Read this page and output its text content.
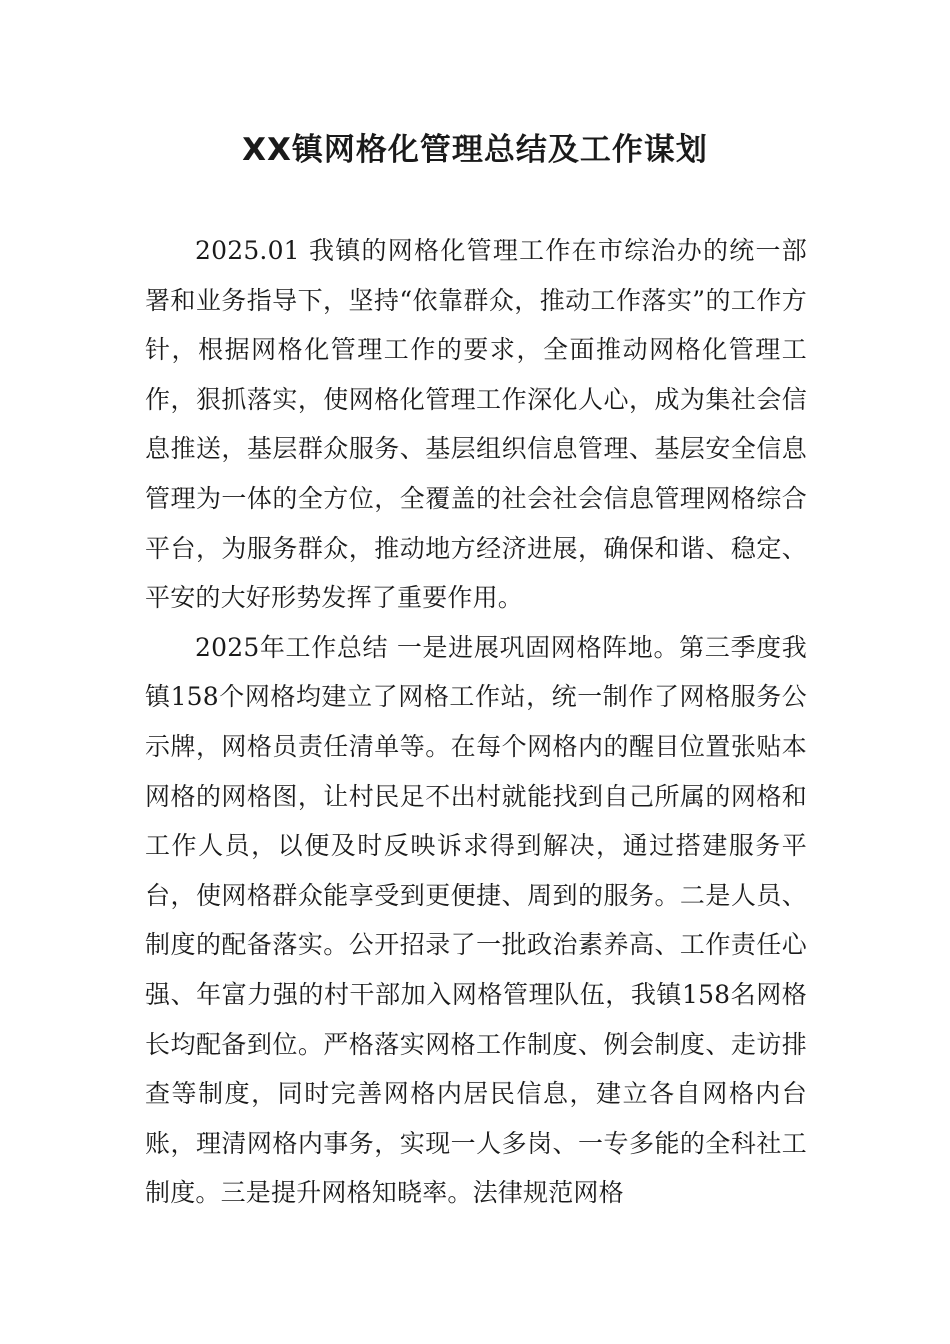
XX镇网格化管理总结及工作谋划

2025.01 我镇的网格化管理工作在市综治办的统一部署和业务指导下，坚持“依靠群众，推动工作落实”的工作方针，根据网格化管理工作的要求，全面推动网格化管理工作，狠抓落实，使网格化管理工作深化人心，成为集社会信息推送，基层群众服务、基层组织信息管理、基层安全信息管理为一体的全方位，全覆盖的社会社会信息管理网格综合平台，为服务群众，推动地方经济进展，确保和谐、稳定、平安的大好形势发挥了重要作用。

2025年工作总结 一是进展巩固网格阵地。第三季度我镇158个网格均建立了网格工作站，统一制作了网格服务公示牌，网格员责任清单等。在每个网格内的醒目位置张贴本网格的网格图，让村民足不出村就能找到自己所属的网格和工作人员，以便及时反映诉求得到解决，通过搭建服务平台，使网格群众能享受到更便捷、周到的服务。二是人员、制度的配备落实。公开招录了一批政治素养高、工作责任心强、年富力强的村干部加入网格管理队伍，我镇158名网格长均配备到位。严格落实网格工作制度、例会制度、走访排查等制度，同时完善网格内居民信息，建立各自网格内台账，理清网格内事务，实现一人多岗、一专多能的全科社工制度。三是提升网格知晓率。法律规范网格
